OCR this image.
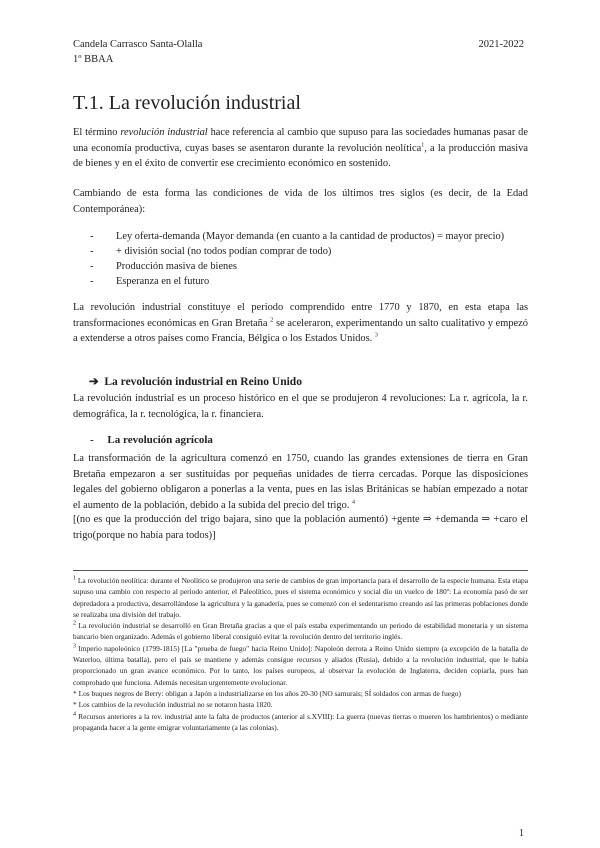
Candela Carrasco Santa-Olalla
1º BBAA
2021-2022
T.1. La revolución industrial
El término revolución industrial hace referencia al cambio que supuso para las sociedades humanas pasar de una economía productiva, cuyas bases se asentaron durante la revolución neolítica$^1$, a la producción masiva de bienes y en el éxito de convertir ese crecimiento económico en sostenido.
Cambiando de esta forma las condiciones de vida de los últimos tres siglos (es decir, de la Edad Contemporánea):
- Ley oferta-demanda (Mayor demanda (en cuanto a la cantidad de productos) = mayor precio)
- + división social (no todos podían comprar de todo)
- Producción masiva de bienes
- Esperanza en el futuro
La revolución industrial constituye el periodo comprendido entre 1770 y 1870, en esta etapa las transformaciones económicas en Gran Bretaña $^2$ se aceleraron, experimentando un salto cualitativo y empezó a extenderse a otros países como Francia, Bélgica o los Estados Unidos. $^3$
➔ La revolución industrial en Reino Unido
La revolución industrial es un proceso histórico en el que se produjeron 4 revoluciones: La r. agrícola, la r. demográfica, la r. tecnológica, la r. financiera.
- La revolución agrícola
La transformación de la agricultura comenzó en 1750, cuando las grandes extensiones de tierra en Gran Bretaña empezaron a ser sustituidas por pequeñas unidades de tierra cercadas. Porque las disposiciones legales del gobierno obligaron a ponerlas a la venta, pues en las islas Británicas se habían empezado a notar el aumento de la población, debido a la subida del precio del trigo. $^4$
[(no es que la producción del trigo bajara, sino que la población aumentó) +gente ⇒ +demanda ⇒ +caro el trigo(porque no había para todos)]
$^1$ La revolución neolítica: durante el Neolítico se produjeron una serie de cambios de gran importancia para el desarrollo de la especie humana. Esta etapa supuso una cambio con respecto al periodo anterior, el Paleolítico, pues el sistema económico y social dio un vuelco de 180º: La economía pasó de ser depredadora a productiva, desarrollándose la agricultura y la ganadería, pues se comenzó con el sedentarismo creando así las primeras poblaciones donde se realizaba una división del trabajo.
$^2$ La revolución industrial se desarrolló en Gran Bretaña gracias a que el país estaba experimentando un periodo de estabilidad monetaria y un sistema bancario bien organizado. Además el gobierno liberal consiguió evitar la revolución dentro del territorio inglés.
$^3$ Imperio napoleónico (1799-1815) [La "prueba de fuego" hacia Reino Unido]: Napoleón derrota a Reino Unido siempre (a excepción de la batalla de Waterloo, última batalla), pero el país se mantiene y además consigue recursos y aliados (Rusia), debido a la revolución industrial, que le había proporcionado un gran avance económico. Por lo tanto, los países europeos, al observar la evolución de Inglaterra, deciden copiarla, pues han comprobado que funciona. Además necesitan urgentemente evolucionar.
* Los buques negros de Berry: obligan a Japón a industrializarse en los años 20-30 (NO samurais; SÍ soldados con armas de fuego)
* Los cambios de la revolución industrial no se notaron hasta 1820.
$^4$ Recursos anteriores a la rev. industrial ante la falta de productos (anterior al s.XVIII): La guerra (nuevas tierras o mueren los hambrientos) o mediante propaganda hacer a la gente emigrar voluntariamente (a las colonias).
1
